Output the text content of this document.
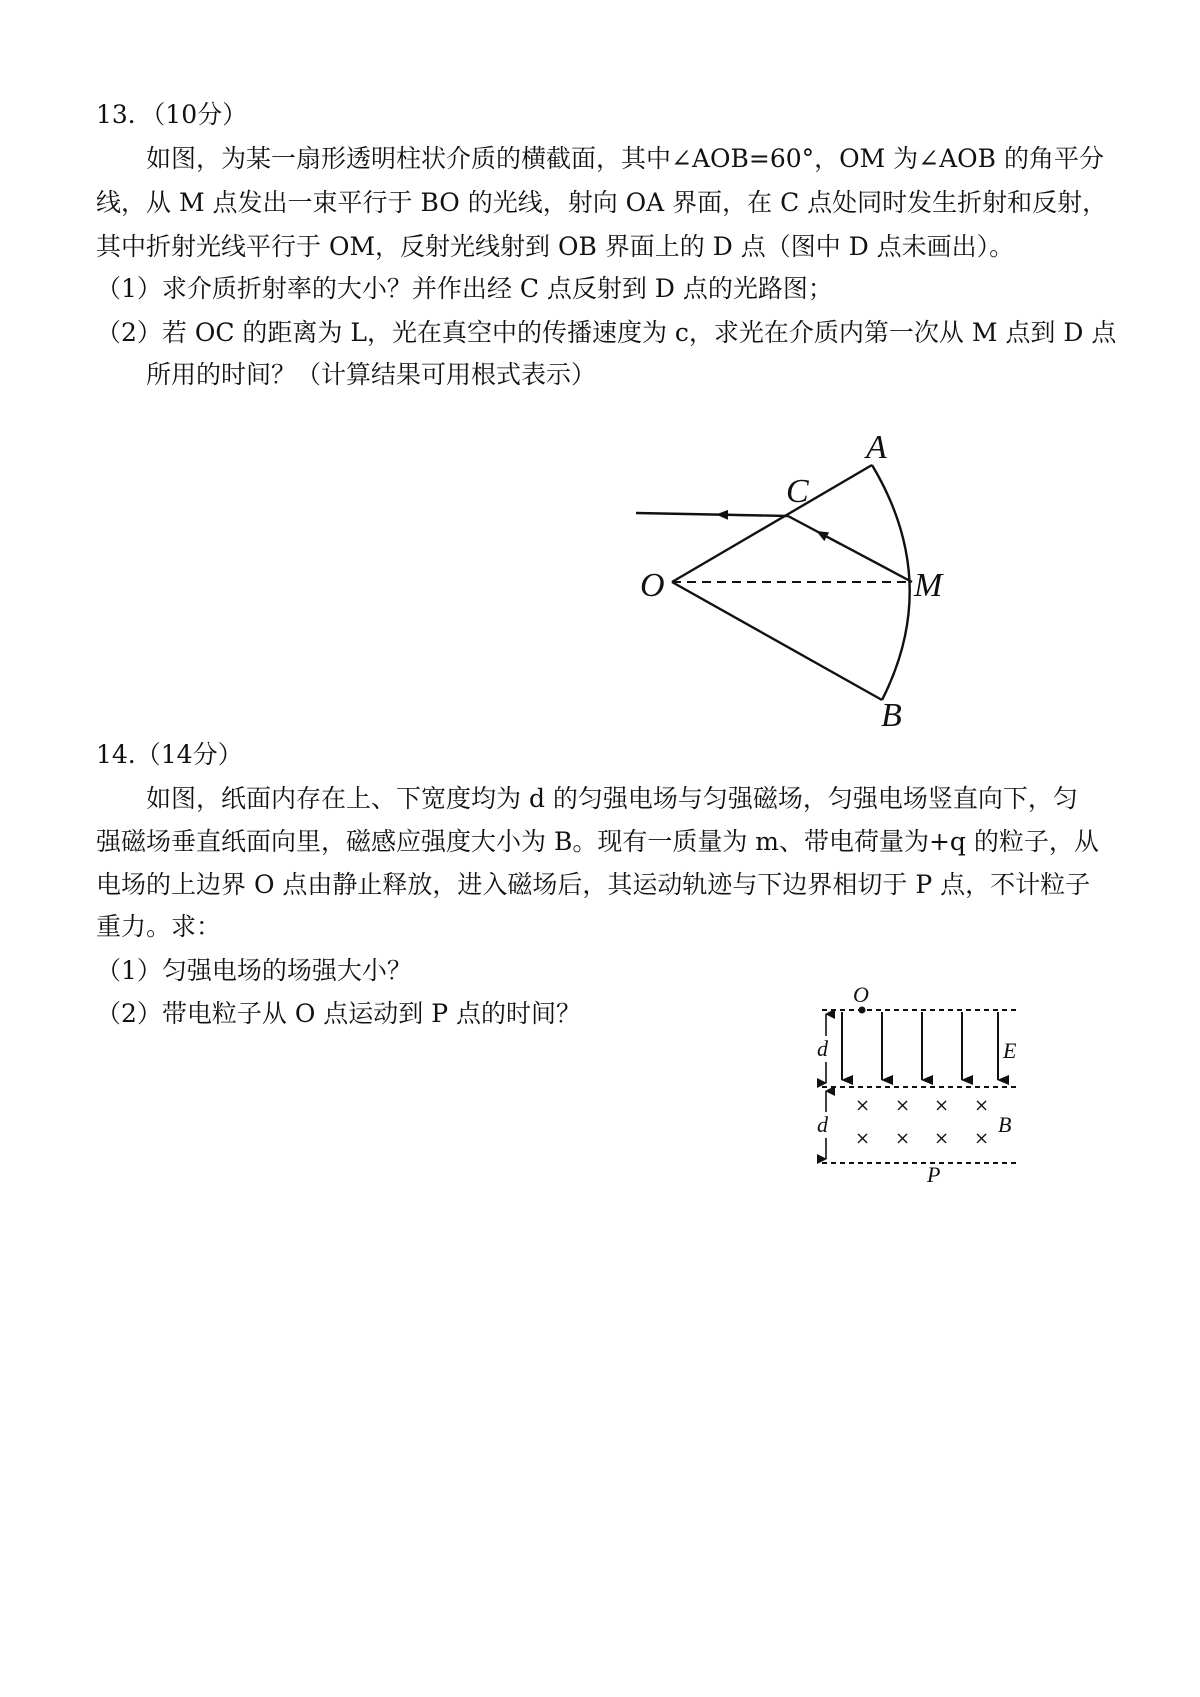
13．（10分）
如图，为某一扇形透明柱状介质的横截面，其中∠AOB=60°，OM 为∠AOB 的角平分
线，从 M 点发出一束平行于 BO 的光线，射向 OA 界面，在 C 点处同时发生折射和反射，
其中折射光线平行于 OM，反射光线射到 OB 界面上的 D 点（图中 D 点未画出）。
（1）求介质折射率的大小？并作出经 C 点反射到 D 点的光路图；
（2）若 OC 的距离为 L，光在真空中的传播速度为 c，求光在介质内第一次从 M 点到 D 点
所用的时间？（计算结果可用根式表示）
A
C
O	M
B
14.（14分）
如图，纸面内存在上、下宽度均为 d 的匀强电场与匀强磁场，匀强电场竖直向下，匀
强磁场垂直纸面向里，磁感应强度大小为 B。现有一质量为 m、带电荷量为+q 的粒子，从
电场的上边界 O 点由静止释放，进入磁场后，其运动轨迹与下边界相切于 P 点，不计粒子
重力。求：
（1）匀强电场的场强大小？
（2）带电粒子从 O 点运动到 P 点的时间？
O
E
d
d
× × × ×
× × × ×
B
P
